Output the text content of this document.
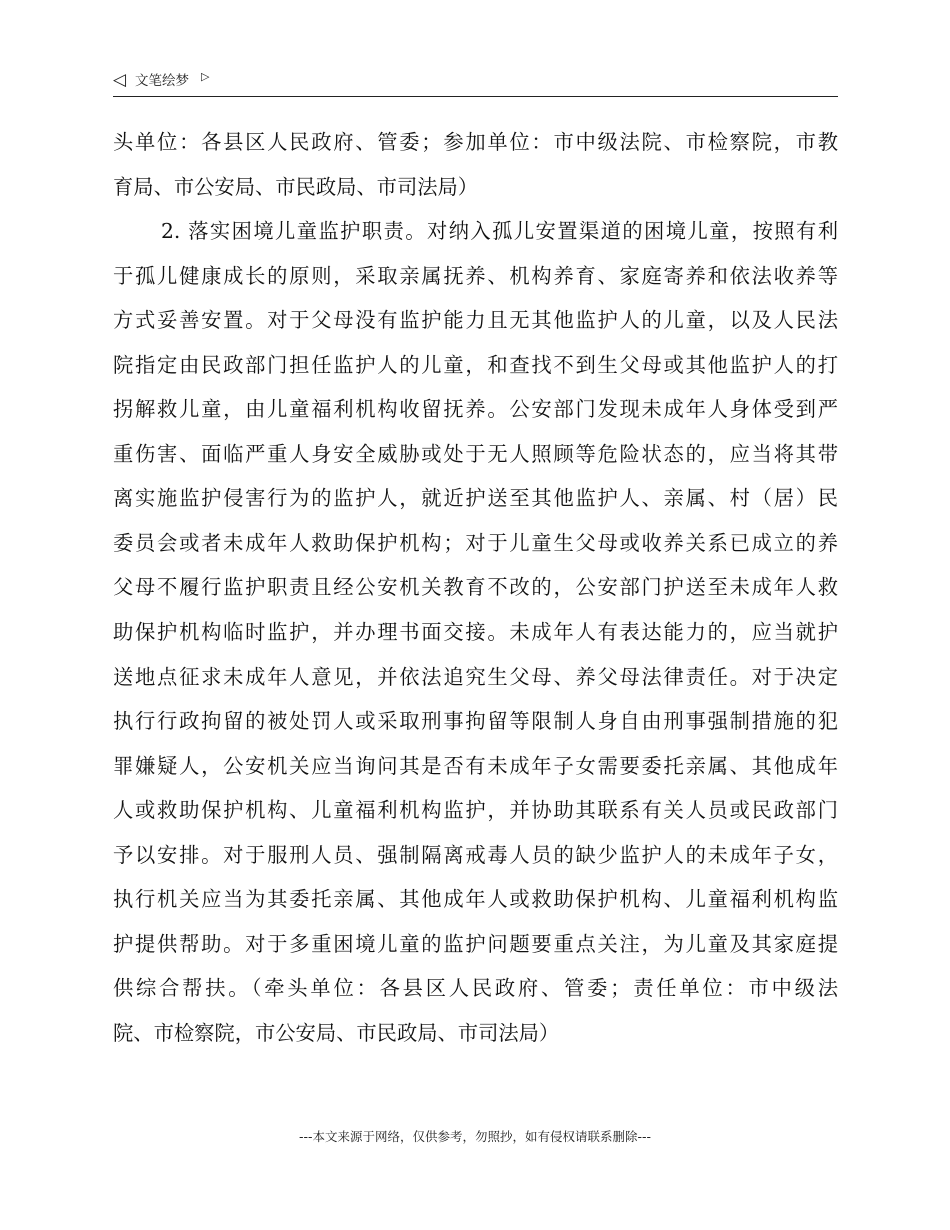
◁ 文笔绘梦 ▷
头单位：各县区人民政府、管委；参加单位：市中级法院、市检察院，市教
育局、市公安局、市民政局、市司法局）
2. 落实困境儿童监护职责。对纳入孤儿安置渠道的困境儿童，按照有利
于孤儿健康成长的原则，采取亲属抚养、机构养育、家庭寄养和依法收养等
方式妥善安置。对于父母没有监护能力且无其他监护人的儿童，以及人民法
院指定由民政部门担任监护人的儿童，和查找不到生父母或其他监护人的打
拐解救儿童，由儿童福利机构收留抚养。公安部门发现未成年人身体受到严
重伤害、面临严重人身安全威胁或处于无人照顾等危险状态的，应当将其带
离实施监护侵害行为的监护人，就近护送至其他监护人、亲属、村（居）民
委员会或者未成年人救助保护机构；对于儿童生父母或收养关系已成立的养
父母不履行监护职责且经公安机关教育不改的，公安部门护送至未成年人救
助保护机构临时监护，并办理书面交接。未成年人有表达能力的，应当就护
送地点征求未成年人意见，并依法追究生父母、养父母法律责任。对于决定
执行行政拘留的被处罚人或采取刑事拘留等限制人身自由刑事强制措施的犯
罪嫌疑人，公安机关应当询问其是否有未成年子女需要委托亲属、其他成年
人或救助保护机构、儿童福利机构监护，并协助其联系有关人员或民政部门
予以安排。对于服刑人员、强制隔离戒毒人员的缺少监护人的未成年子女，
执行机关应当为其委托亲属、其他成年人或救助保护机构、儿童福利机构监
护提供帮助。对于多重困境儿童的监护问题要重点关注，为儿童及其家庭提
供综合帮扶。（牵头单位：各县区人民政府、管委；责任单位：市中级法
院、市检察院，市公安局、市民政局、市司法局）
---本文来源于网络，仅供参考，勿照抄，如有侵权请联系删除---
